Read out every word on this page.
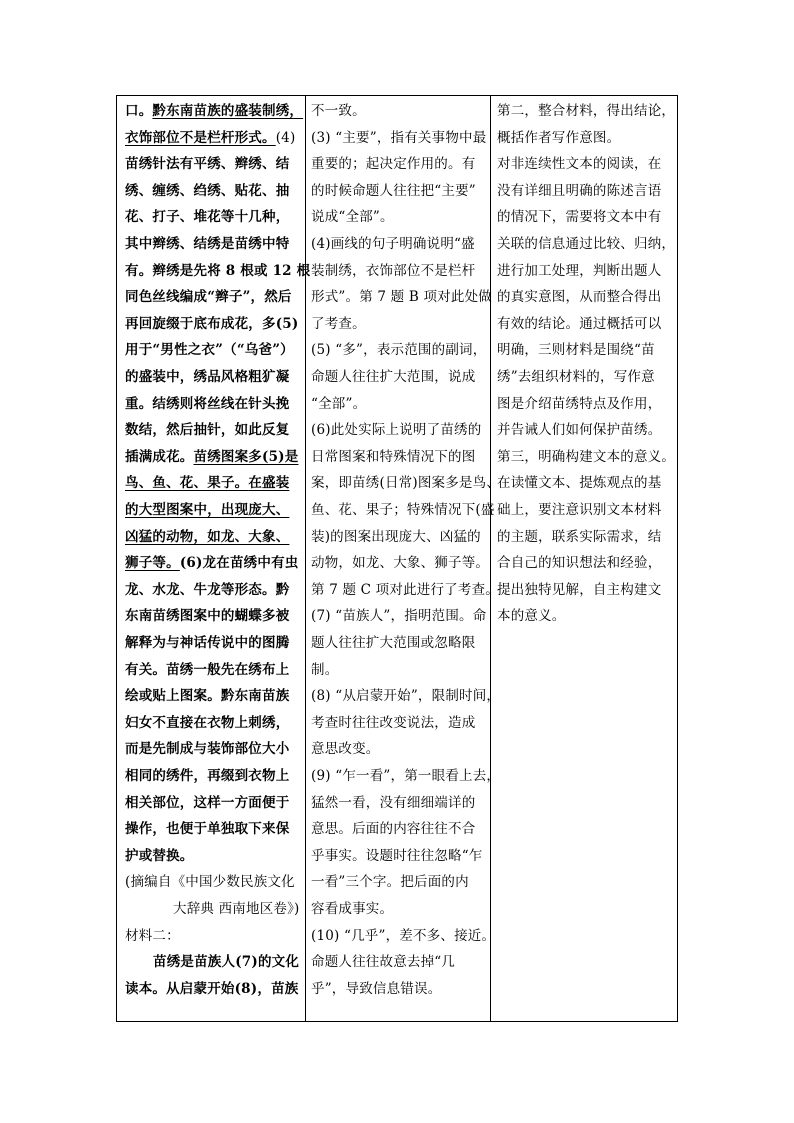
口。黔东南苗族的盛装制绣，
衣饰部位不是栏杆形式。(4)
苗绣针法有平绣、辫绣、结
绣、缠绣、绉绣、贴花、抽
花、打子、堆花等十几种，
其中辫绣、结绣是苗绣中特
有。辫绣是先将 8 根或 12 根
同色丝线编成“辫子”，然后
再回旋缀于底布成花，多(5)
用于“男性之衣”（“乌爸”）
的盛装中，绣品风格粗犷凝
重。结绣则将丝线在针头挽
数结，然后抽针，如此反复
插满成花。苗绣图案多(5)是
鸟、鱼、花、果子。在盛装
的大型图案中，出现庞大、
凶猛的动物，如龙、大象、
狮子等。(6)龙在苗绣中有虫
龙、水龙、牛龙等形态。黔
东南苗绣图案中的蝴蝶多被
解释为与神话传说中的图腾
有关。苗绣一般先在绣布上
绘或贴上图案。黔东南苗族
妇女不直接在衣物上刺绣，
而是先制成与装饰部位大小
相同的绣件，再缀到衣物上
相关部位，这样一方面便于
操作，也便于单独取下来保
护或替换。
(摘编自《中国少数民族文化
大辞典 西南地区卷》)
材料二：
苗绣是苗族人(7)的文化
读本。从启蒙开始(8)，苗族
不一致。
(3) “主要”，指有关事物中最
重要的；起决定作用的。有
的时候命题人往往把“主要”
说成“全部”。
(4)画线的句子明确说明“盛
装制绣，衣饰部位不是栏杆
形式”。第 7 题 B 项对此处做
了考查。
(5) “多”，表示范围的副词，
命题人往往扩大范围，说成
“全部”。
(6)此处实际上说明了苗绣的
日常图案和特殊情况下的图
案，即苗绣(日常)图案多是鸟、
鱼、花、果子；特殊情况下(盛
装)的图案出现庞大、凶猛的
动物，如龙、大象、狮子等。
第 7 题 C 项对此进行了考查。
(7) “苗族人”，指明范围。命
题人往往扩大范围或忽略限
制。
(8) “从启蒙开始”，限制时间，
考查时往往改变说法，造成
意思改变。
(9) “乍一看”，第一眼看上去，
猛然一看，没有细细端详的
意思。后面的内容往往不合
乎事实。设题时往往忽略“乍
一看”三个字。把后面的内
容看成事实。
(10) “几乎”，差不多、接近。
命题人往往故意去掉“几
乎”，导致信息错误。
第二，整合材料，得出结论，
概括作者写作意图。
对非连续性文本的阅读，在
没有详细且明确的陈述言语
的情况下，需要将文本中有
关联的信息通过比较、归纳，
进行加工处理，判断出题人
的真实意图，从而整合得出
有效的结论。通过概括可以
明确，三则材料是围绕“苗
绣”去组织材料的，写作意
图是介绍苗绣特点及作用，
并告诫人们如何保护苗绣。
第三，明确构建文本的意义。
在读懂文本、提炼观点的基
础上，要注意识别文本材料
的主题，联系实际需求，结
合自己的知识想法和经验，
提出独特见解，自主构建文
本的意义。
